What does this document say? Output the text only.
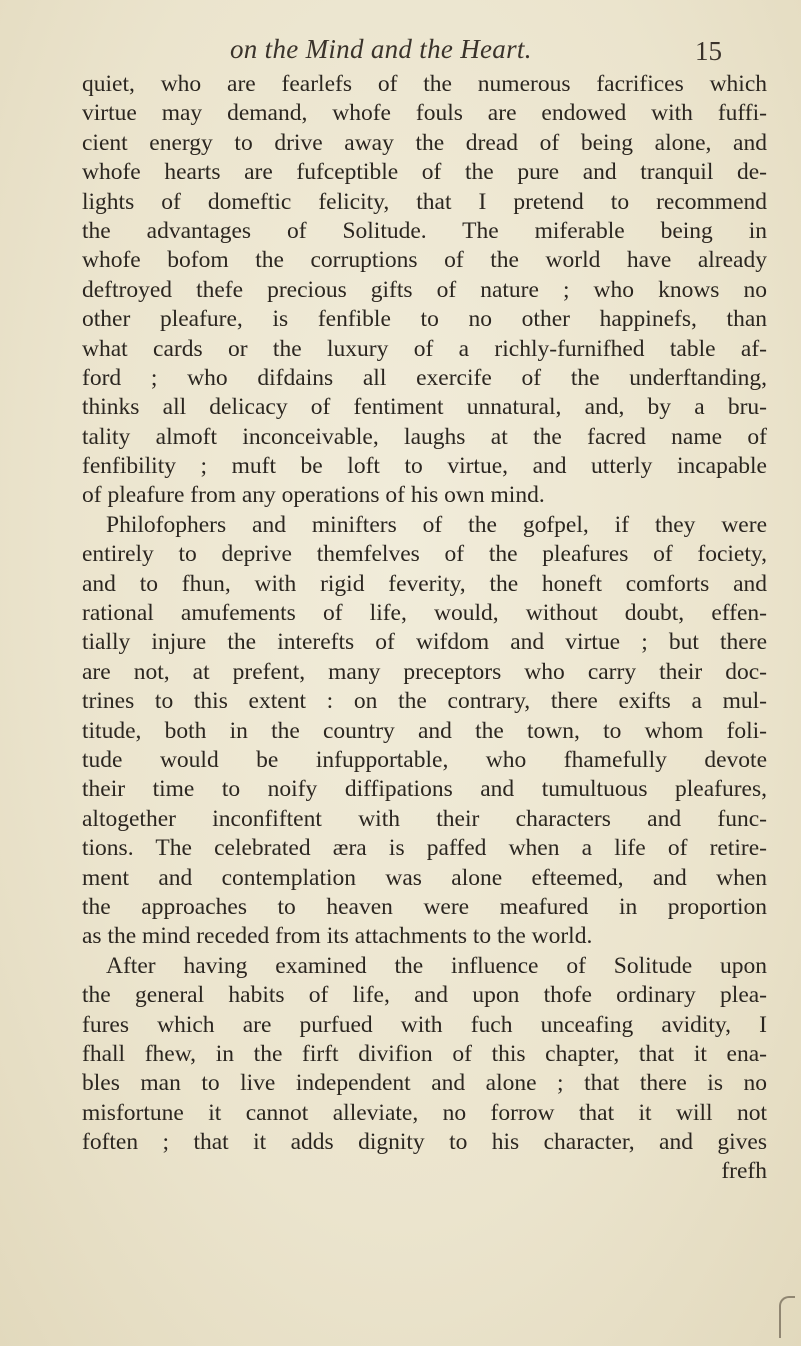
on the Mind and the Heart.	15
quiet, who are fearlefs of the numerous facrifices which
virtue may demand, whofe fouls are endowed with fuffi-
cient energy to drive away the dread of being alone, and
whofe hearts are fufceptible of the pure and tranquil de-
lights of domeftic felicity, that I pretend to recommend
the advantages of Solitude. The miferable being in
whofe bofom the corruptions of the world have already
deftroyed thefe precious gifts of nature ; who knows no
other pleafure, is fenfible to no other happinefs, than
what cards or the luxury of a richly-furnifhed table af-
ford ; who difdains all exercife of the underftanding,
thinks all delicacy of fentiment unnatural, and, by a bru-
tality almoft inconceivable, laughs at the facred name of
fenfibility ; muft be loft to virtue, and utterly incapable
of pleafure from any operations of his own mind.
Philofophers and minifters of the gofpel, if they were
entirely to deprive themfelves of the pleafures of fociety,
and to fhun, with rigid feverity, the honeft comforts and
rational amufements of life, would, without doubt, effen-
tially injure the interefts of wifdom and virtue ; but there
are not, at prefent, many preceptors who carry their doc-
trines to this extent : on the contrary, there exifts a mul-
titude, both in the country and the town, to whom foli-
tude would be infupportable, who fhamefully devote
their time to noify diffipations and tumultuous pleafures,
altogether inconfiftent with their characters and func-
tions. The celebrated æra is paffed when a life of retire-
ment and contemplation was alone efteemed, and when
the approaches to heaven were meafured in proportion
as the mind receded from its attachments to the world.
After having examined the influence of Solitude upon
the general habits of life, and upon thofe ordinary plea-
fures which are purfued with fuch unceafing avidity, I
fhall fhew, in the firft divifion of this chapter, that it ena-
bles man to live independent and alone ; that there is no
misfortune it cannot alleviate, no forrow that it will not
foften ; that it adds dignity to his character, and gives
frefh
